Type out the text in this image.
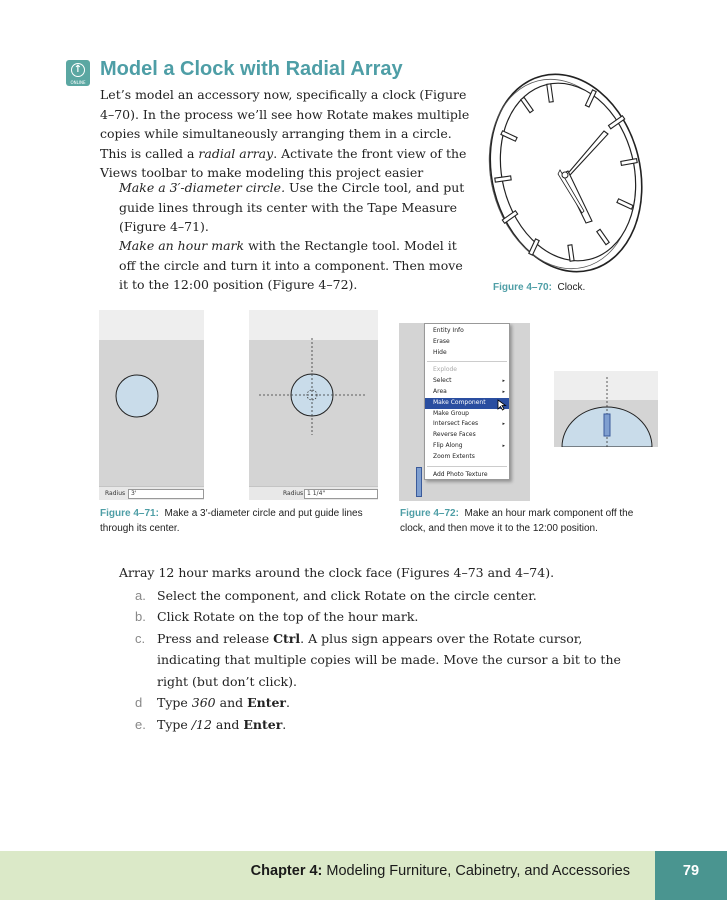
↑
ONLINE
Model a Clock with Radial Array
Let’s model an accessory now, specifically a clock (Figure 4–70). In the process we’ll see how Rotate makes multiple copies while simultaneously arranging them in a circle. This is called a radial array. Activate the front view of the Views toolbar to make modeling this project easier
Make a 3′-diameter circle. Use the Circle tool, and put guide lines through its center with the Tape Measure (Figure 4–71).
Make an hour mark with the Rectangle tool. Model it off the circle and turn it into a component. Then move it to the 12:00 position (Figure 4–72).	Figure 4–70: Clock.
Radius 3'	Radius 1 1/4"
Figure 4–71: Make a 3′-diameter circle and put guide lines through its center.
Entity Info
Erase
Hide
Explode
Select	▸
Area	▸
Make Component
Make Group
Intersect Faces	▸
Reverse Faces
Flip Along	▸
Zoom Extents
Add Photo Texture
Figure 4–72: Make an hour mark component off the clock, and then move it to the 12:00 position.
Array 12 hour marks around the clock face (Figures 4–73 and 4–74).
a. Select the component, and click Rotate on the circle center.
b. Click Rotate on the top of the hour mark.
c. Press and release Ctrl. A plus sign appears over the Rotate cursor, indicating that multiple copies will be made. Move the cursor a bit to the right (but don’t click).
d Type 360 and Enter.
e. Type /12 and Enter.
Chapter 4: Modeling Furniture, Cabinetry, and Accessories	79
